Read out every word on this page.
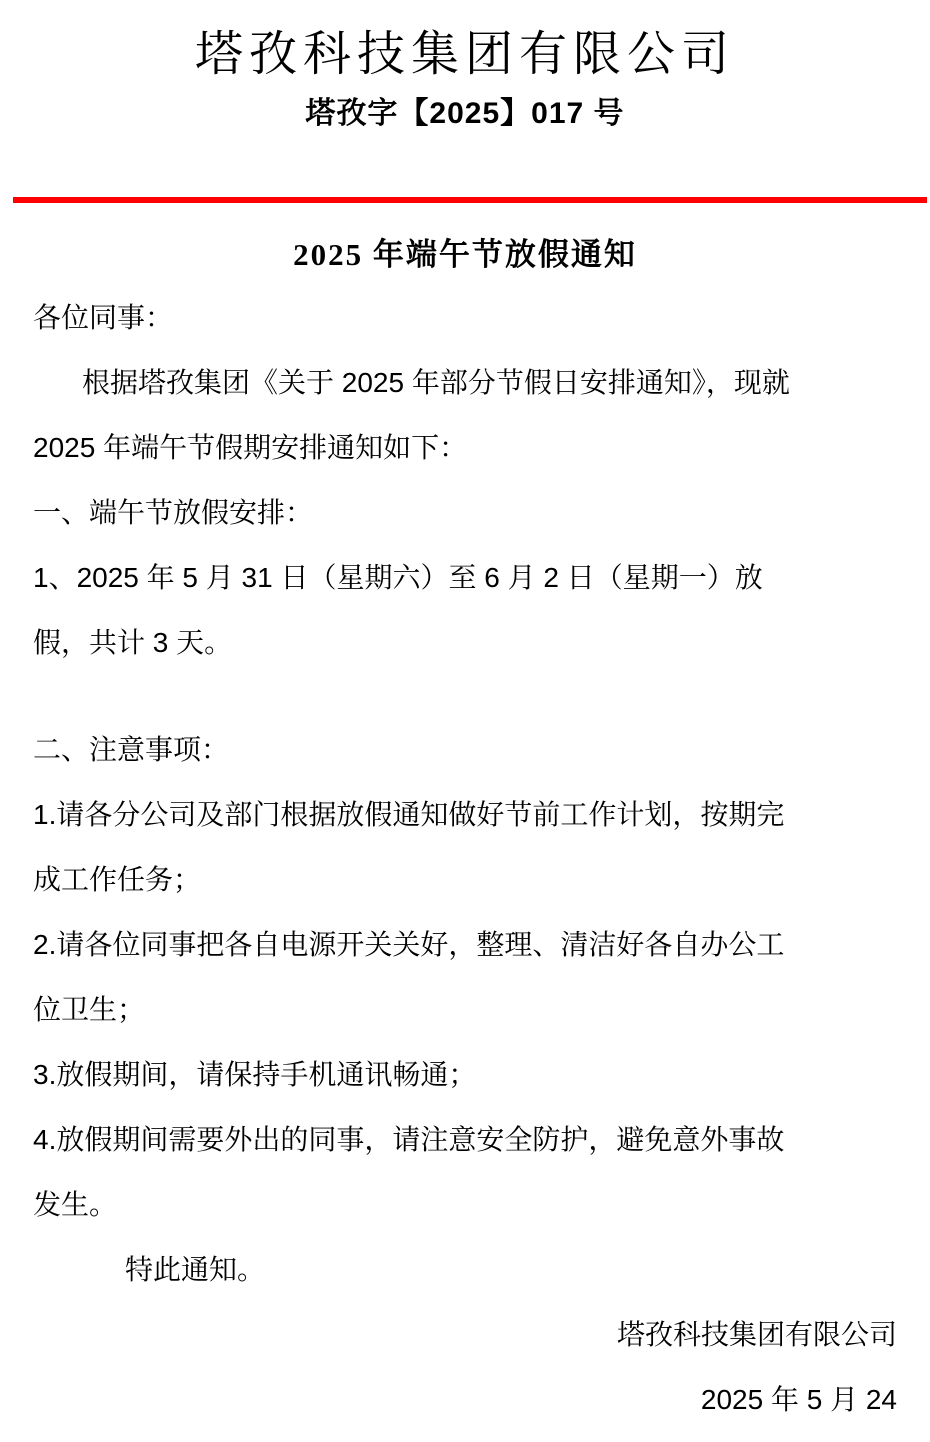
塔孜科技集团有限公司
塔孜字【2025】017 号
2025 年端午节放假通知
各位同事：
根据塔孜集团《关于 2025 年部分节假日安排通知》，现就
2025 年端午节假期安排通知如下：
一、端午节放假安排：
1、2025 年 5 月 31 日（星期六）至 6 月 2 日（星期一）放
假，共计 3 天。
二、注意事项：
1.请各分公司及部门根据放假通知做好节前工作计划，按期完
成工作任务；
2.请各位同事把各自电源开关关好，整理、清洁好各自办公工
位卫生；
3.放假期间，请保持手机通讯畅通；
4.放假期间需要外出的同事，请注意安全防护，避免意外事故
发生。
特此通知。
塔孜科技集团有限公司
2025 年 5 月 24
